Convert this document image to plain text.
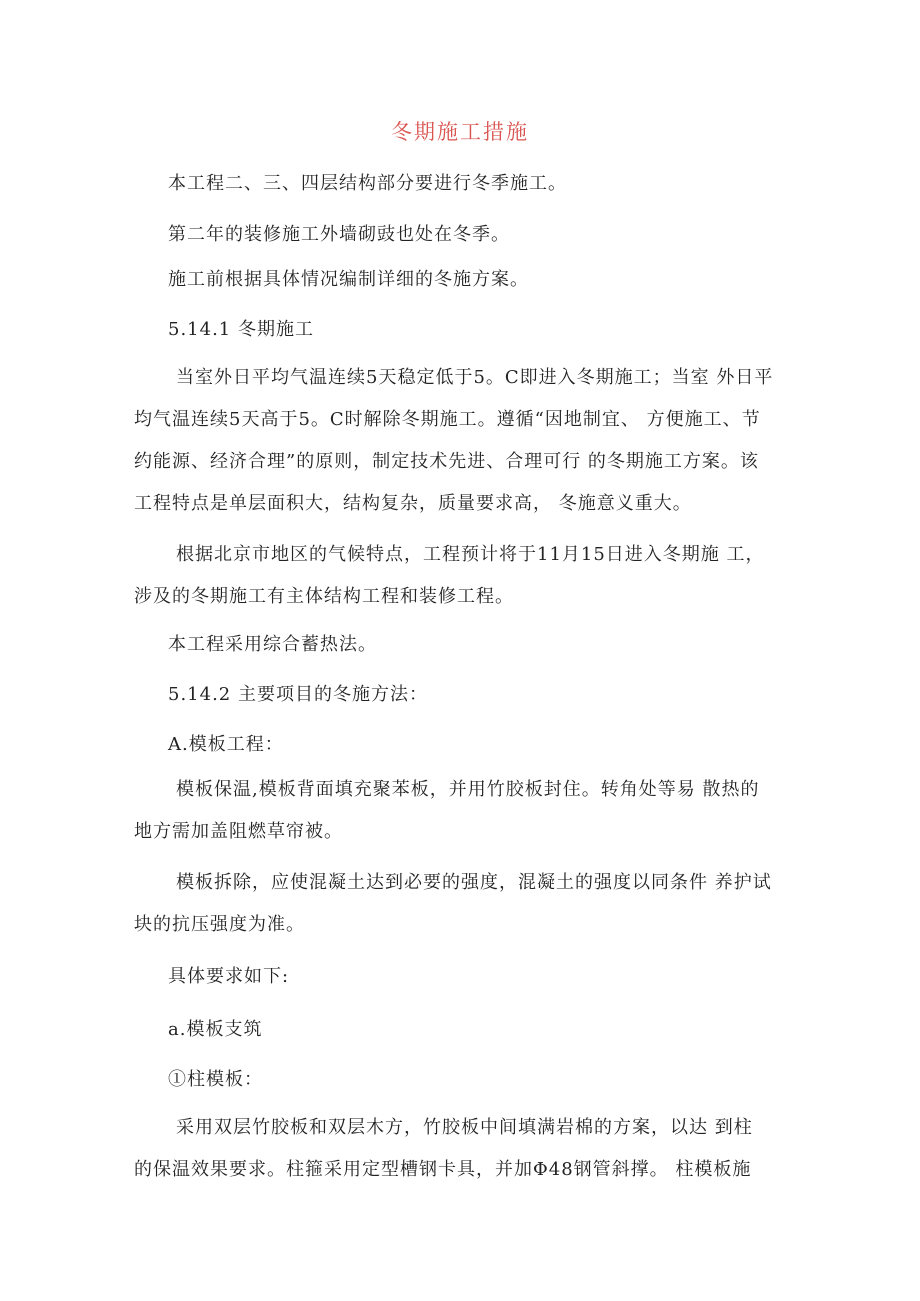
冬期施工措施
本工程二、三、四层结构部分要进行冬季施工。
第二年的装修施工外墙砌豉也处在冬季。
施工前根据具体情况编制详细的冬施方案。
5.14.1 冬期施工
当室外日平均气温连续5天稳定低于5。C即进入冬期施工；当室 外日平
均气温连续5天高于5。C时解除冬期施工。遵循“因地制宜、 方便施工、节
约能源、经济合理”的原则，制定技术先进、合理可行 的冬期施工方案。该
工程特点是单层面积大，结构复杂，质量要求高， 冬施意义重大。
根据北京市地区的气候特点，工程预计将于11月15日进入冬期施 工，
涉及的冬期施工有主体结构工程和装修工程。
本工程采用综合蓄热法。
5.14.2 主要项目的冬施方法：
A.模板工程：
模板保温,模板背面填充聚苯板，并用竹胶板封住。转角处等易 散热的
地方需加盖阻燃草帘被。
模板拆除，应使混凝土达到必要的强度，混凝土的强度以同条件 养护试
块的抗压强度为准。
具体要求如下:
a.模板支筑
①柱模板：
采用双层竹胶板和双层木方，竹胶板中间填满岩棉的方案，以达 到柱
的保温效果要求。柱箍采用定型槽钢卡具，并加Φ48钢管斜撑。 柱模板施
